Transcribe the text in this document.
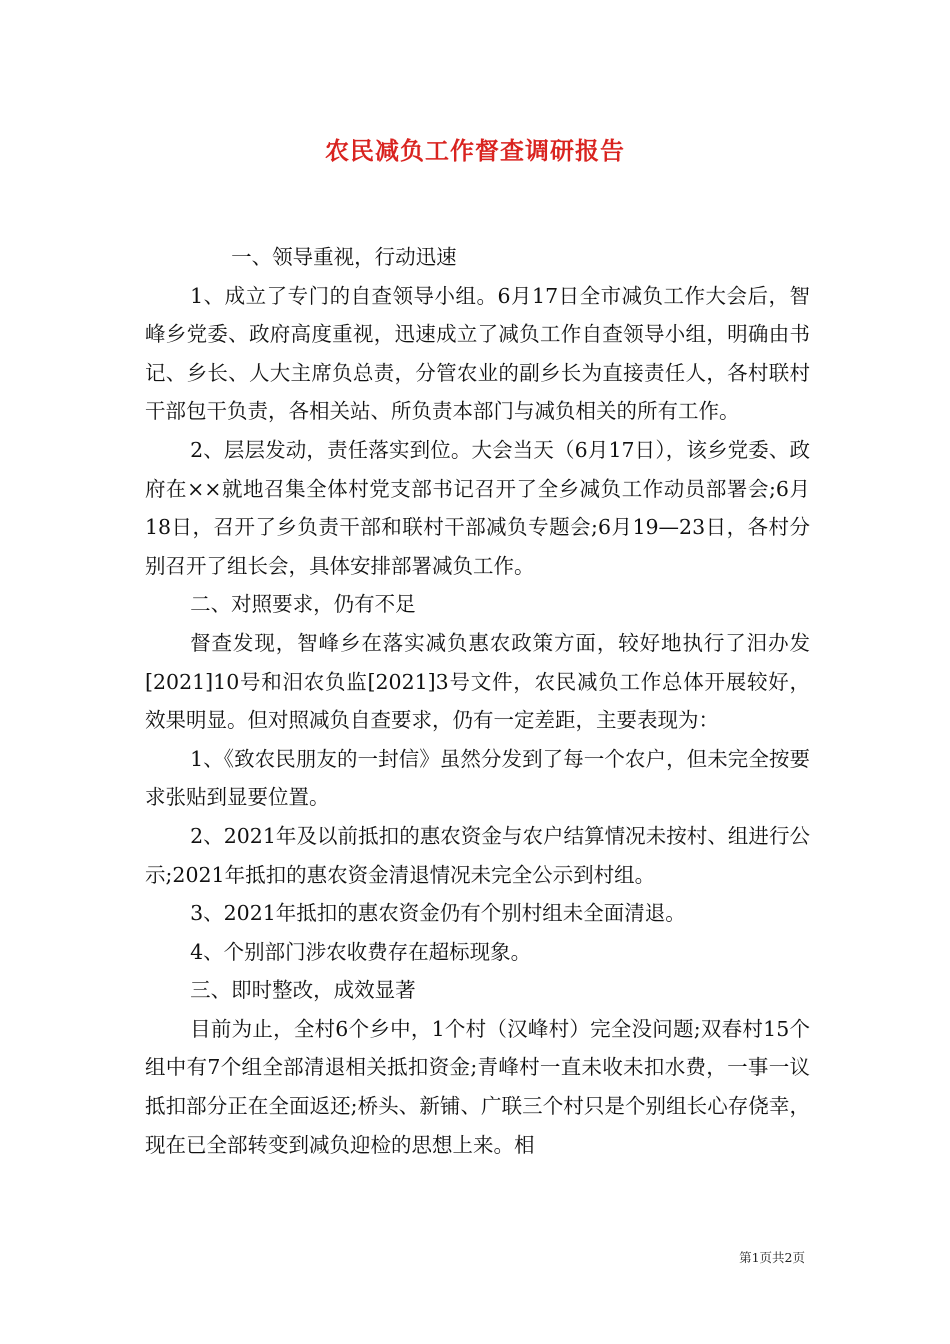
农民减负工作督查调研报告

一、领导重视，行动迅速

1、成立了专门的自查领导小组。6月17日全市减负工作大会后，智峰乡党委、政府高度重视，迅速成立了减负工作自查领导小组，明确由书记、乡长、人大主席负总责，分管农业的副乡长为直接责任人，各村联村干部包干负责，各相关站、所负责本部门与减负相关的所有工作。

2、层层发动，责任落实到位。大会当天（6月17日），该乡党委、政府在××就地召集全体村党支部书记召开了全乡减负工作动员部署会;6月18日，召开了乡负责干部和联村干部减负专题会;6月19—23日，各村分别召开了组长会，具体安排部署减负工作。

二、对照要求，仍有不足

督查发现，智峰乡在落实减负惠农政策方面，较好地执行了汨办发[2021]10号和汨农负监[2021]3号文件，农民减负工作总体开展较好，效果明显。但对照减负自查要求，仍有一定差距，主要表现为：

1、《致农民朋友的一封信》虽然分发到了每一个农户，但未完全按要求张贴到显要位置。

2、2021年及以前抵扣的惠农资金与农户结算情况未按村、组进行公示;2021年抵扣的惠农资金清退情况未完全公示到村组。

3、2021年抵扣的惠农资金仍有个别村组未全面清退。

4、个别部门涉农收费存在超标现象。

三、即时整改，成效显著

目前为止，全村6个乡中，1个村（汉峰村）完全没问题;双春村15个组中有7个组全部清退相关抵扣资金;青峰村一直未收未扣水费，一事一议抵扣部分正在全面返还;桥头、新铺、广联三个村只是个别组长心存侥幸，现在已全部转变到减负迎检的思想上来。相

第1页共2页
